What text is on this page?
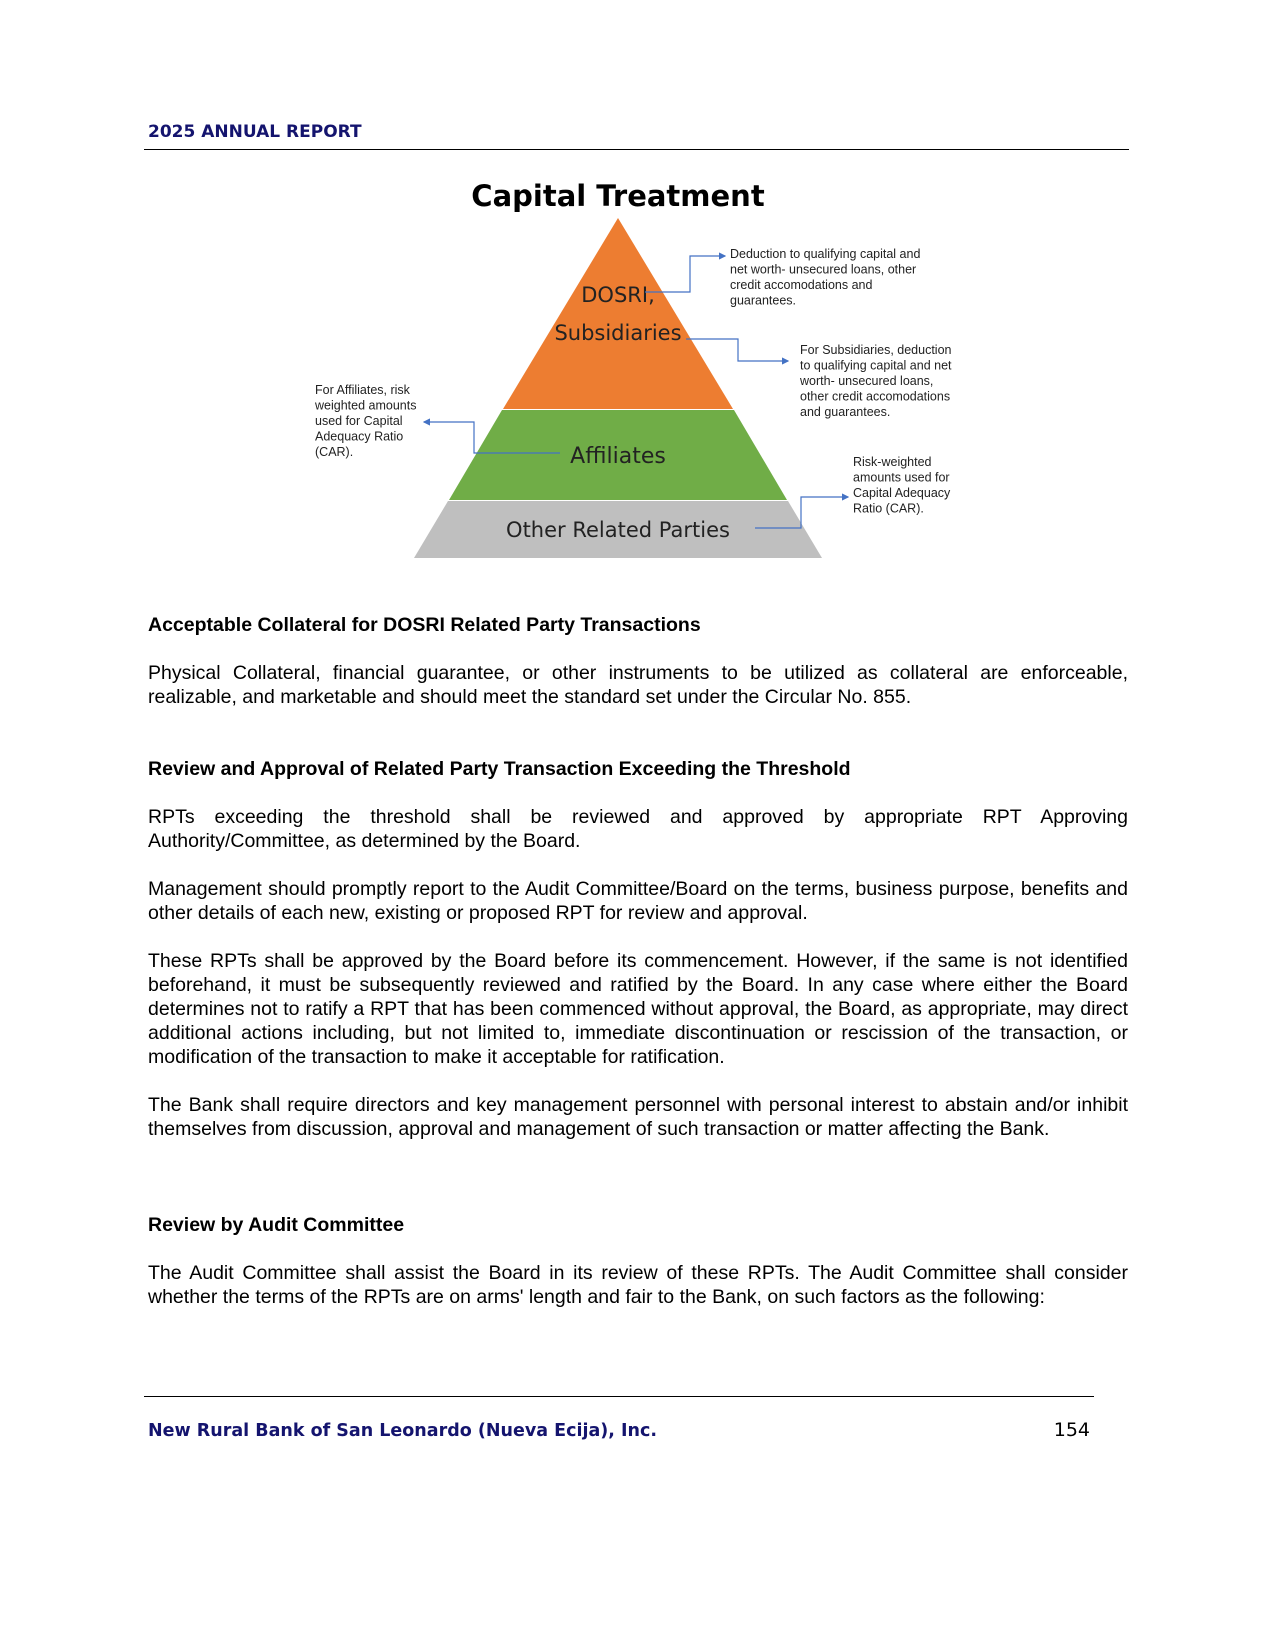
2025 ANNUAL REPORT
Capital Treatment
DOSRI,
Subsidiaries
Affiliates
Other Related Parties
Deduction to qualifying capital and net worth- unsecured loans, other credit accomodations and guarantees.
For Subsidiaries, deduction to qualifying capital and net worth- unsecured loans, other credit accomodations and guarantees.
For Affiliates, risk weighted amounts used for Capital Adequacy Ratio (CAR).
Risk-weighted amounts used for Capital Adequacy Ratio (CAR).
Acceptable Collateral for DOSRI Related Party Transactions
Physical Collateral, financial guarantee, or other instruments to be utilized as collateral are enforceable, realizable, and marketable and should meet the standard set under the Circular No. 855.
Review and Approval of Related Party Transaction Exceeding the Threshold
RPTs exceeding the threshold shall be reviewed and approved by appropriate RPT Approving Authority/Committee, as determined by the Board.
Management should promptly report to the Audit Committee/Board on the terms, business purpose, benefits and other details of each new, existing or proposed RPT for review and approval.
These RPTs shall be approved by the Board before its commencement. However, if the same is not identified beforehand, it must be subsequently reviewed and ratified by the Board. In any case where either the Board determines not to ratify a RPT that has been commenced without approval, the Board, as appropriate, may direct additional actions including, but not limited to, immediate discontinuation or rescission of the transaction, or modification of the transaction to make it acceptable for ratification.
The Bank shall require directors and key management personnel with personal interest to abstain and/or inhibit themselves from discussion, approval and management of such transaction or matter affecting the Bank.
Review by Audit Committee
The Audit Committee shall assist the Board in its review of these RPTs. The Audit Committee shall consider whether the terms of the RPTs are on arms' length and fair to the Bank, on such factors as the following:
New Rural Bank of San Leonardo (Nueva Ecija), Inc.	154
